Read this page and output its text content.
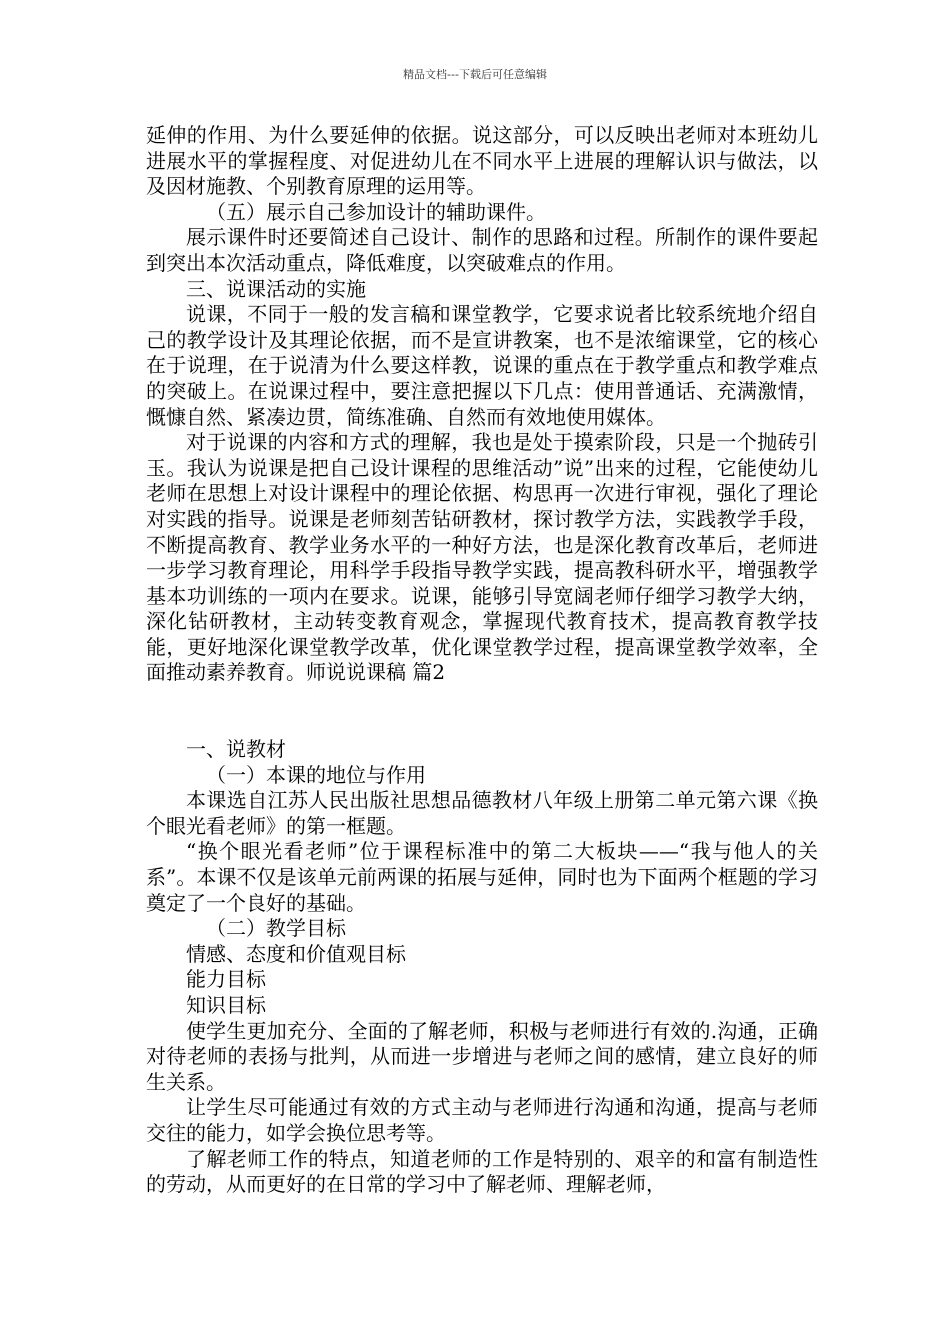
精品文档---下载后可任意编辑

延伸的作用、为什么要延伸的依据。说这部分，可以反映出老师对本班幼儿进展水平的掌握程度、对促进幼儿在不同水平上进展的理解认识与做法，以及因材施教、个别教育原理的运用等。

（五）展示自己参加设计的辅助课件。

展示课件时还要简述自己设计、制作的思路和过程。所制作的课件要起到突出本次活动重点，降低难度，以突破难点的作用。

三、说课活动的实施

说课，不同于一般的发言稿和课堂教学，它要求说者比较系统地介绍自己的教学设计及其理论依据，而不是宣讲教案，也不是浓缩课堂，它的核心在于说理，在于说清为什么要这样教，说课的重点在于教学重点和教学难点的突破上。在说课过程中，要注意把握以下几点：使用普通话、充满激情，慨慷自然、紧凑边贯，简练准确、自然而有效地使用媒体。

对于说课的内容和方式的理解，我也是处于摸索阶段，只是一个抛砖引玉。我认为说课是把自己设计课程的思维活动”说”出来的过程，它能使幼儿老师在思想上对设计课程中的理论依据、构思再一次进行审视，强化了理论对实践的指导。说课是老师刻苦钻研教材，探讨教学方法，实践教学手段，不断提高教育、教学业务水平的一种好方法，也是深化教育改革后，老师进一步学习教育理论，用科学手段指导教学实践，提高教科研水平，增强教学基本功训练的一项内在要求。说课，能够引导宽阔老师仔细学习教学大纳，深化钻研教材，主动转变教育观念，掌握现代教育技术，提高教育教学技能，更好地深化课堂教学改革，优化课堂教学过程，提高课堂教学效率，全面推动素养教育。师说说课稿 篇2

一、说教材

（一）本课的地位与作用

本课选自江苏人民出版社思想品德教材八年级上册第二单元第六课《换个眼光看老师》的第一框题。

“换个眼光看老师”位于课程标准中的第二大板块——“我与他人的关系”。本课不仅是该单元前两课的拓展与延伸，同时也为下面两个框题的学习奠定了一个良好的基础。

（二）教学目标

情感、态度和价值观目标

能力目标

知识目标

使学生更加充分、全面的了解老师，积极与老师进行有效的.沟通，正确对待老师的表扬与批判，从而进一步增进与老师之间的感情，建立良好的师生关系。

让学生尽可能通过有效的方式主动与老师进行沟通和沟通，提高与老师交往的能力，如学会换位思考等。

了解老师工作的特点，知道老师的工作是特别的、艰辛的和富有制造性的劳动，从而更好的在日常的学习中了解老师、理解老师，
